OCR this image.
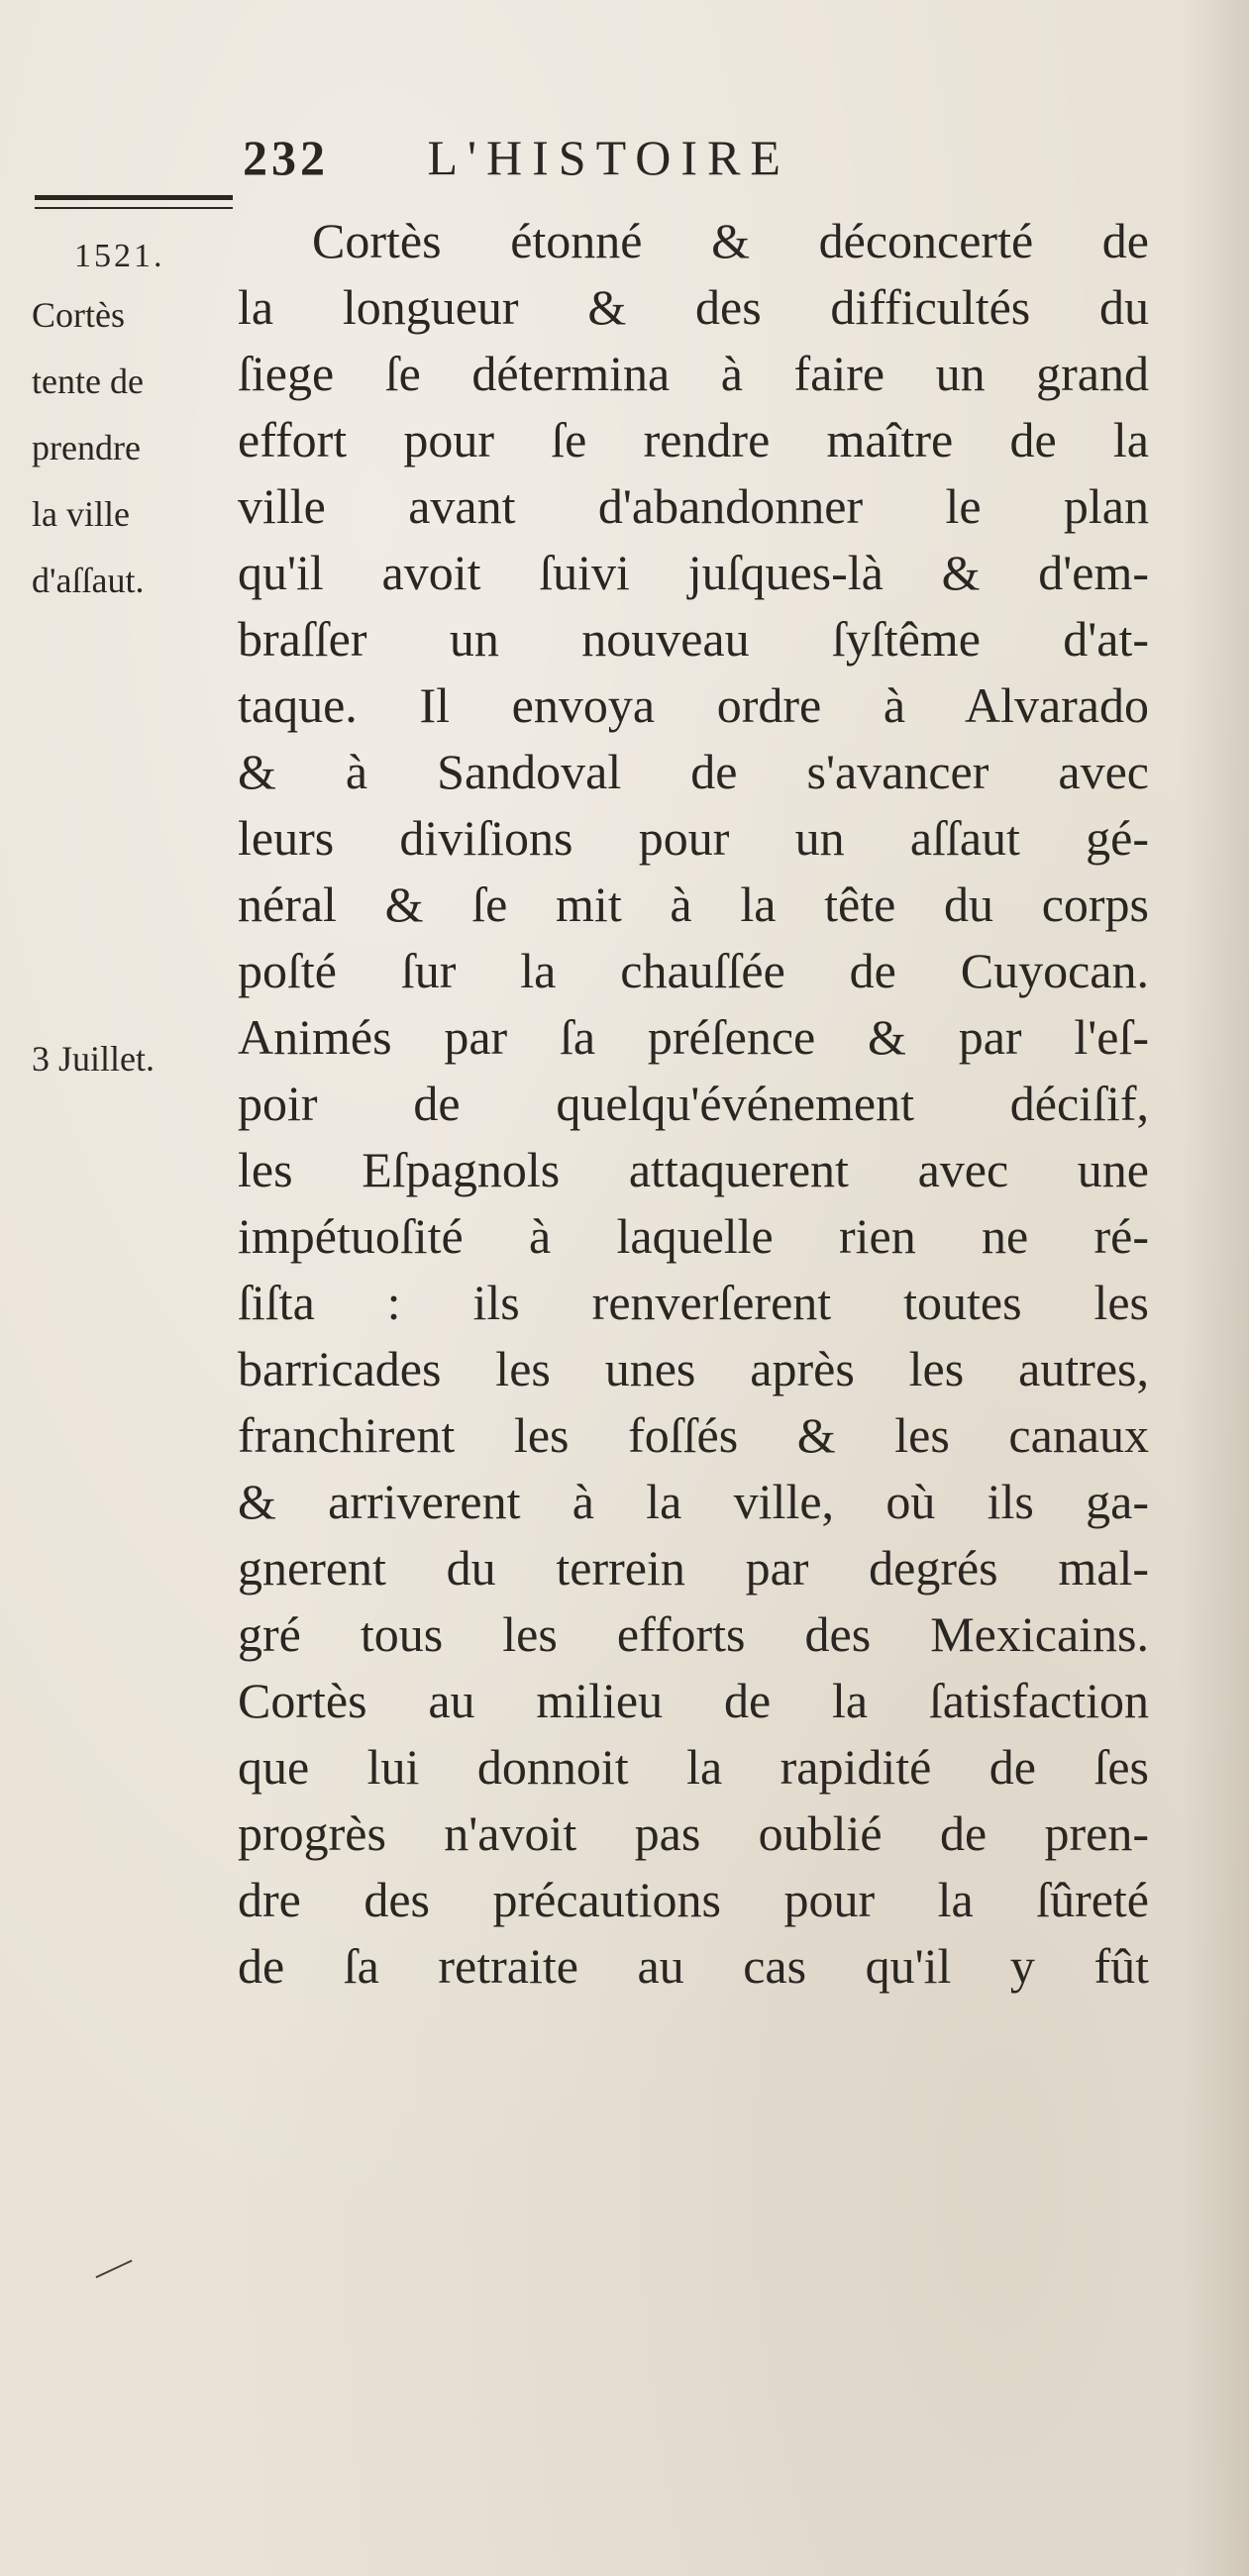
232 L'HISTOIRE
1521.
Cortès
tente de
prendre
la ville
d'aſſaut.
3 Juillet.
Cortès étonné & déconcerté de
la longueur & des difficultés du
ſiege ſe détermina à faire un grand
effort pour ſe rendre maître de la
ville avant d'abandonner le plan
qu'il avoit ſuivi juſques-là & d'em-
braſſer un nouveau ſyſtême d'at-
taque. Il envoya ordre à Alvarado
& à Sandoval de s'avancer avec
leurs diviſions pour un aſſaut gé-
néral & ſe mit à la tête du corps
poſté ſur la chauſſée de Cuyocan.
Animés par ſa préſence & par l'eſ-
poir de quelqu'événement déciſif,
les Eſpagnols attaquerent avec une
impétuoſité à laquelle rien ne ré-
ſiſta : ils renverſerent toutes les
barricades les unes après les autres,
franchirent les foſſés & les canaux
& arriverent à la ville, où ils ga-
gnerent du terrein par degrés mal-
gré tous les efforts des Mexicains.
Cortès au milieu de la ſatisfaction
que lui donnoit la rapidité de ſes
progrès n'avoit pas oublié de pren-
dre des précautions pour la ſûreté
de ſa retraite au cas qu'il y fût
